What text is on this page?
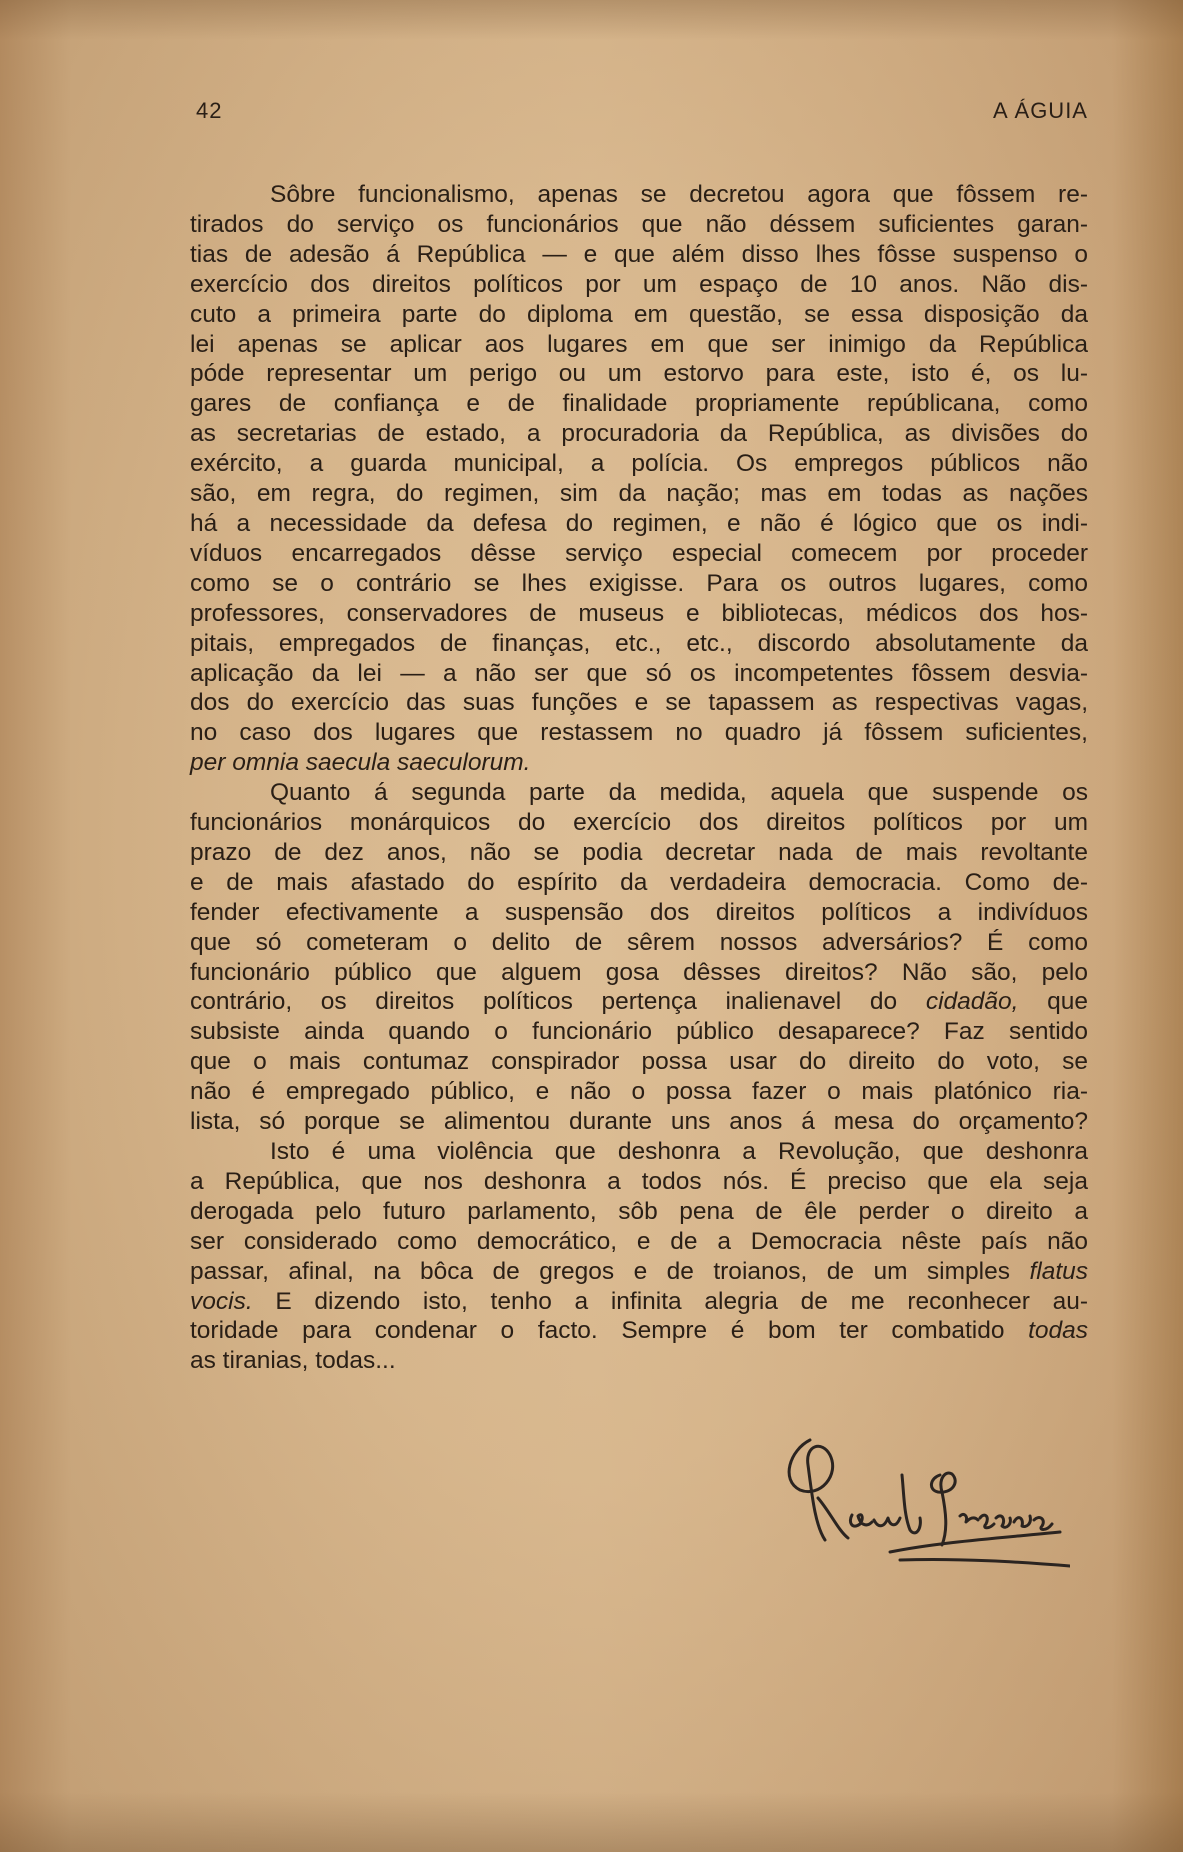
42	A ÁGUIA
Sôbre funcionalismo, apenas se decretou agora que fôssem re-
tirados do serviço os funcionários que não déssem suficientes garan-
tias de adesão á República — e que além disso lhes fôsse suspenso o
exercício dos direitos políticos por um espaço de 10 anos. Não dis-
cuto a primeira parte do diploma em questão, se essa disposição da
lei apenas se aplicar aos lugares em que ser inimigo da República
póde representar um perigo ou um estorvo para este, isto é, os lu-
gares de confiança e de finalidade propriamente repúblicana, como
as secretarias de estado, a procuradoria da República, as divisões do
exército, a guarda municipal, a polícia. Os empregos públicos não
são, em regra, do regimen, sim da nação; mas em todas as nações
há a necessidade da defesa do regimen, e não é lógico que os indi-
víduos encarregados dêsse serviço especial comecem por proceder
como se o contrário se lhes exigisse. Para os outros lugares, como
professores, conservadores de museus e bibliotecas, médicos dos hos-
pitais, empregados de finanças, etc., etc., discordo absolutamente da
aplicação da lei — a não ser que só os incompetentes fôssem desvia-
dos do exercício das suas funções e se tapassem as respectivas vagas,
no caso dos lugares que restassem no quadro já fôssem suficientes,
per omnia saecula saeculorum.
Quanto á segunda parte da medida, aquela que suspende os
funcionários monárquicos do exercício dos direitos políticos por um
prazo de dez anos, não se podia decretar nada de mais revoltante
e de mais afastado do espírito da verdadeira democracia. Como de-
fender efectivamente a suspensão dos direitos políticos a indivíduos
que só cometeram o delito de sêrem nossos adversários? É como
funcionário público que alguem gosa dêsses direitos? Não são, pelo
contrário, os direitos políticos pertença inalienavel do cidadão, que
subsiste ainda quando o funcionário público desaparece? Faz sentido
que o mais contumaz conspirador possa usar do direito do voto, se
não é empregado público, e não o possa fazer o mais platónico ria-
lista, só porque se alimentou durante uns anos á mesa do orçamento?
Isto é uma violência que deshonra a Revolução, que deshonra
a República, que nos deshonra a todos nós. É preciso que ela seja
derogada pelo futuro parlamento, sôb pena de êle perder o direito a
ser considerado como democrático, e de a Democracia nêste país não
passar, afinal, na bôca de gregos e de troianos, de um simples flatus
vocis. E dizendo isto, tenho a infinita alegria de me reconhecer au-
toridade para condenar o facto. Sempre é bom ter combatido todas
as tiranias, todas...
